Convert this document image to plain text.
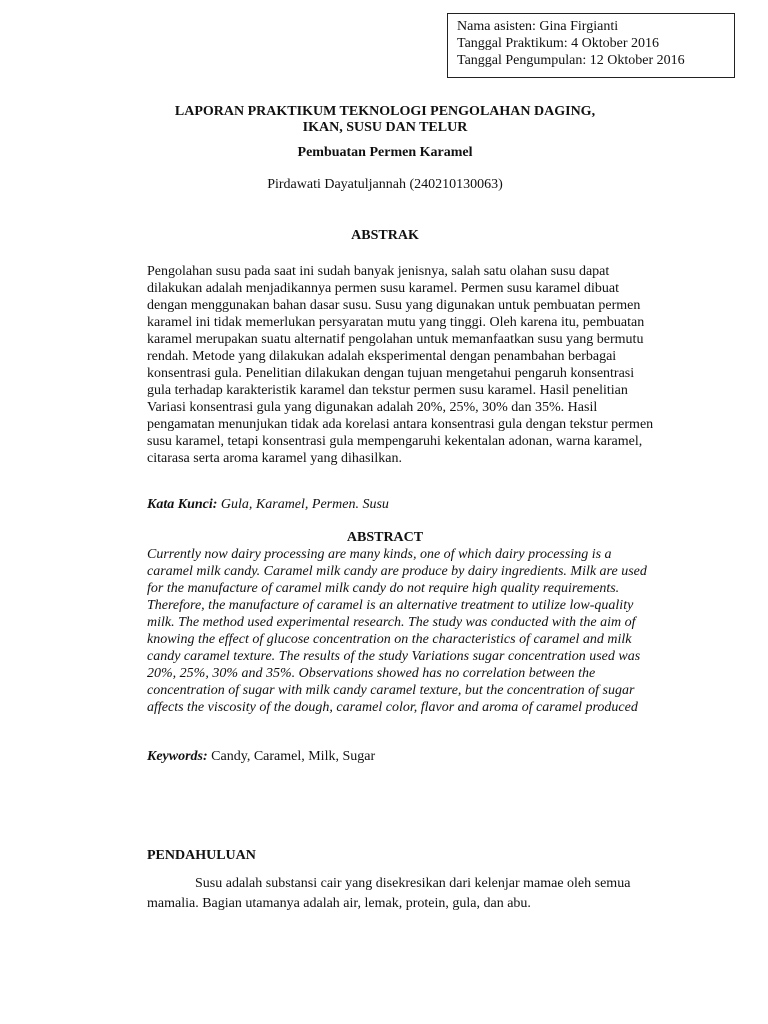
Nama asisten: Gina Firgianti
Tanggal Praktikum: 4 Oktober 2016
Tanggal Pengumpulan: 12 Oktober 2016
LAPORAN PRAKTIKUM TEKNOLOGI PENGOLAHAN DAGING,
IKAN, SUSU DAN TELUR
Pembuatan Permen Karamel
Pirdawati Dayatuljannah (240210130063)
ABSTRAK
Pengolahan susu pada saat ini sudah banyak jenisnya, salah satu olahan susu dapat dilakukan adalah menjadikannya permen susu karamel. Permen susu karamel dibuat dengan menggunakan bahan dasar susu. Susu yang digunakan untuk pembuatan permen karamel ini tidak memerlukan persyaratan mutu yang tinggi. Oleh karena itu, pembuatan karamel merupakan suatu alternatif pengolahan untuk memanfaatkan susu yang bermutu rendah. Metode yang dilakukan adalah eksperimental dengan penambahan berbagai konsentrasi gula. Penelitian dilakukan dengan tujuan mengetahui pengaruh konsentrasi gula terhadap karakteristik karamel dan tekstur permen susu karamel. Hasil penelitian Variasi konsentrasi gula yang digunakan adalah 20%, 25%, 30% dan 35%. Hasil pengamatan menunjukan tidak ada korelasi antara konsentrasi gula dengan tekstur permen susu karamel, tetapi konsentrasi gula mempengaruhi kekentalan adonan, warna karamel, citarasa serta aroma karamel yang dihasilkan.
Kata Kunci: Gula, Karamel, Permen. Susu
ABSTRACT
Currently now dairy processing are many kinds, one of which dairy processing is a caramel milk candy. Caramel milk candy are produce by dairy ingredients. Milk are used for the manufacture of caramel milk candy do not require high quality requirements. Therefore, the manufacture of caramel is an alternative treatment to utilize low-quality milk. The method used experimental research. The study was conducted with the aim of knowing the effect of glucose concentration on the characteristics of caramel and milk candy caramel texture. The results of the study Variations sugar concentration used was 20%, 25%, 30% and 35%. Observations showed has no correlation between the concentration of sugar with milk candy caramel texture, but the concentration of sugar affects the viscosity of the dough, caramel color, flavor and aroma of caramel produced
Keywords: Candy, Caramel, Milk, Sugar
PENDAHULUAN
Susu adalah substansi cair yang disekresikan dari kelenjar mamae oleh semua mamalia. Bagian utamanya adalah air, lemak, protein, gula, dan abu.
